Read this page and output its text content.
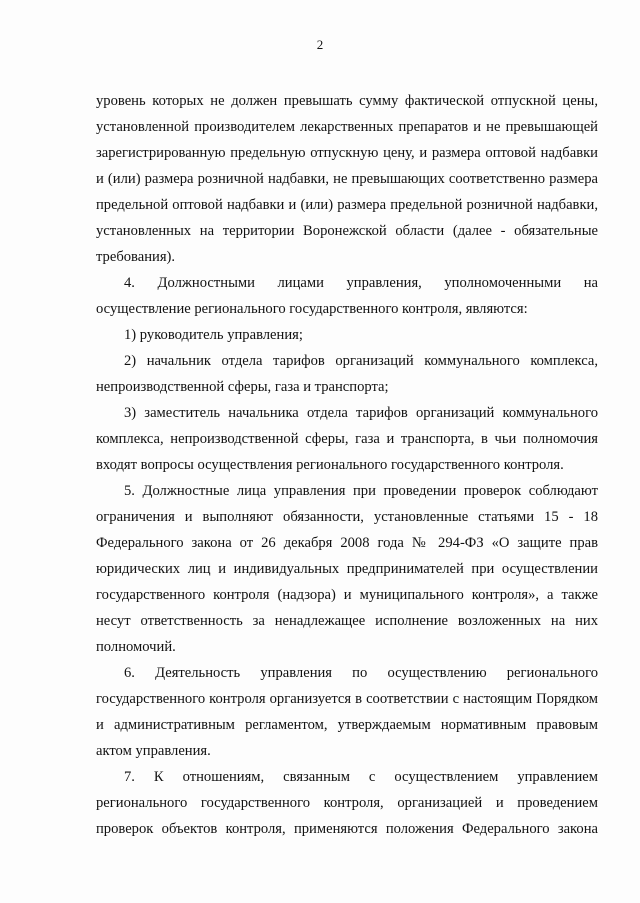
2

уровень которых не должен превышать сумму фактической отпускной цены, установленной производителем лекарственных препаратов и не превышающей зарегистрированную предельную отпускную цену, и размера оптовой надбавки и (или) размера розничной надбавки, не превышающих соответственно размера предельной оптовой надбавки и (или) размера предельной розничной надбавки, установленных на территории Воронежской области (далее - обязательные требования).

4. Должностными лицами управления, уполномоченными на осуществление регионального государственного контроля, являются:

1) руководитель управления;

2) начальник отдела тарифов организаций коммунального комплекса, непроизводственной сферы, газа и транспорта;

3) заместитель начальника отдела тарифов организаций коммунального комплекса, непроизводственной сферы, газа и транспорта, в чьи полномочия входят вопросы осуществления регионального государственного контроля.

5. Должностные лица управления при проведении проверок соблюдают ограничения и выполняют обязанности, установленные статьями 15 - 18 Федерального закона от 26 декабря 2008 года № 294-ФЗ «О защите прав юридических лиц и индивидуальных предпринимателей при осуществлении государственного контроля (надзора) и муниципального контроля», а также несут ответственность за ненадлежащее исполнение возложенных на них полномочий.

6. Деятельность управления по осуществлению регионального государственного контроля организуется в соответствии с настоящим Порядком и административным регламентом, утверждаемым нормативным правовым актом управления.

7. К отношениям, связанным с осуществлением управлением регионального государственного контроля, организацией и проведением проверок объектов контроля, применяются положения Федерального закона
